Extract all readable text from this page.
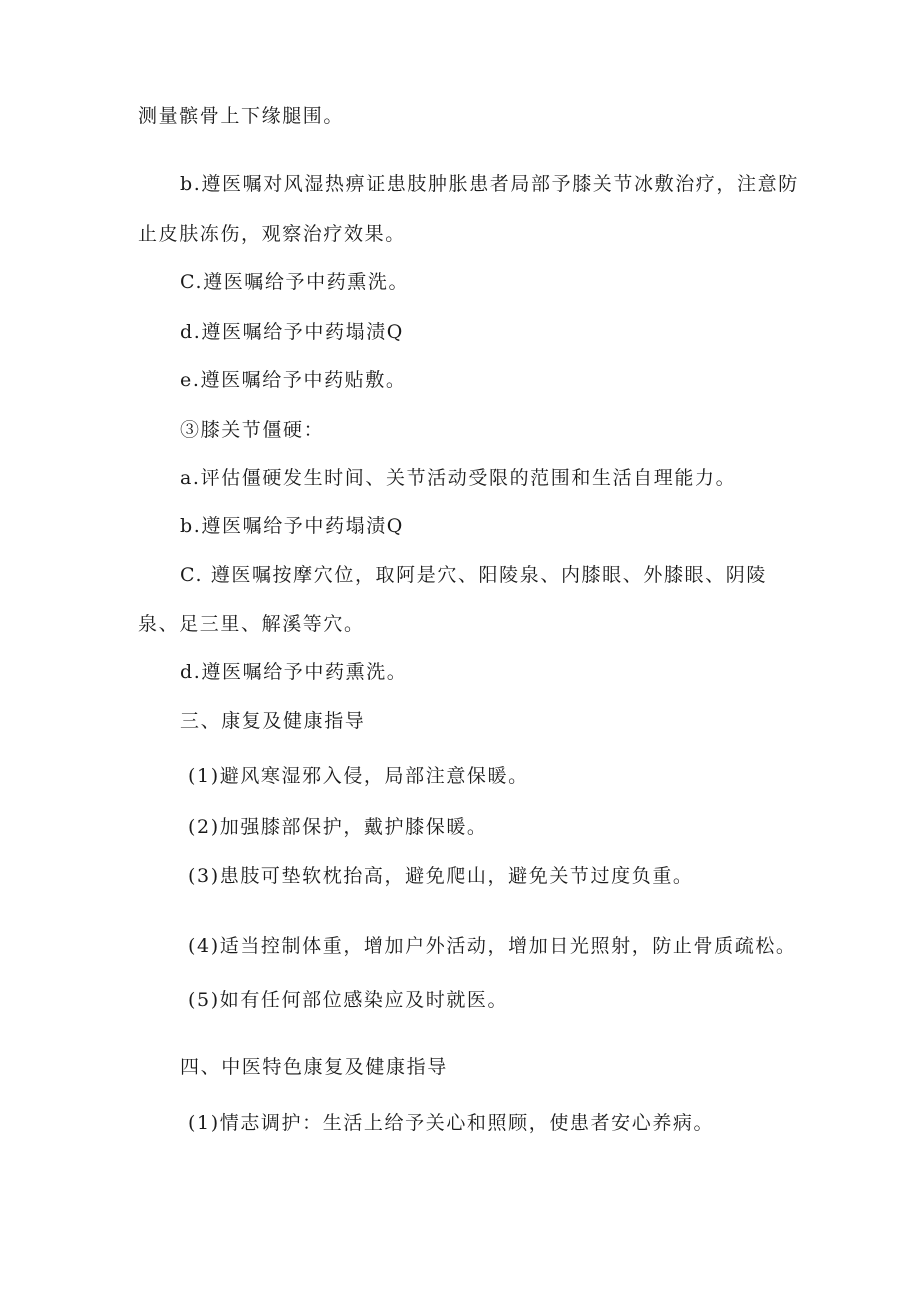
测量髌骨上下缘腿围。
b.遵医嘱对风湿热痹证患肢肿胀患者局部予膝关节冰敷治疗，注意防
止皮肤冻伤，观察治疗效果。
C.遵医嘱给予中药熏洗。
d.遵医嘱给予中药塌渍Q
e.遵医嘱给予中药贴敷。
③膝关节僵硬：
a.评估僵硬发生时间、关节活动受限的范围和生活自理能力。
b.遵医嘱给予中药塌渍Q
C. 遵医嘱按摩穴位，取阿是穴、阳陵泉、内膝眼、外膝眼、阴陵
泉、足三里、解溪等穴。
d.遵医嘱给予中药熏洗。
三、康复及健康指导
(1)避风寒湿邪入侵，局部注意保暖。
(2)加强膝部保护，戴护膝保暖。
(3)患肢可垫软枕抬高，避免爬山，避免关节过度负重。
(4)适当控制体重，增加户外活动，增加日光照射，防止骨质疏松。
(5)如有任何部位感染应及时就医。
四、中医特色康复及健康指导
(1)情志调护：生活上给予关心和照顾，使患者安心养病。
